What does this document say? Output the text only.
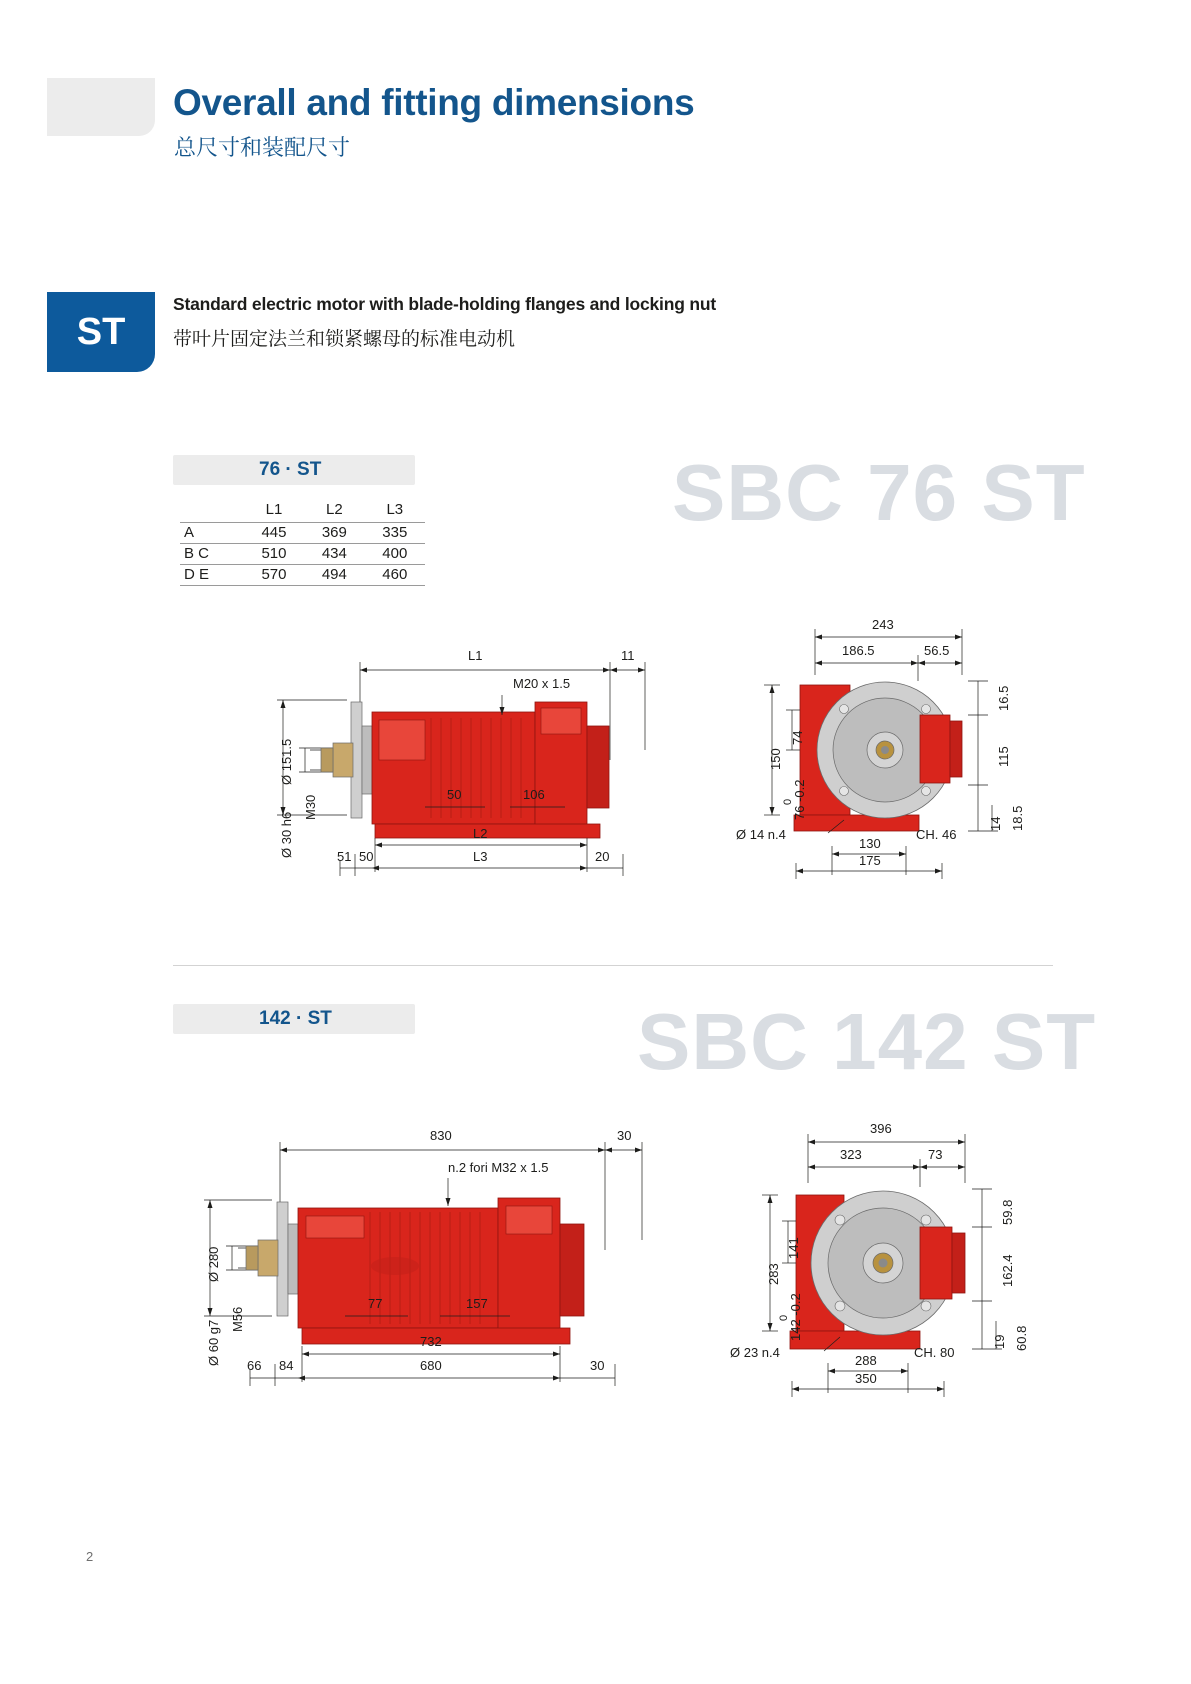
Overall and fitting dimensions
总尺寸和装配尺寸
ST
Standard electric motor with blade-holding flanges and locking nut
带叶片固定法兰和锁紧螺母的标准电动机
76 · ST	SBC 76 ST
	L1	L2	L3
A	445	369	335
B C	510	434	400
D E	570	494	460
L1	11
M20 x 1.5
Ø 151.5
Ø 30 h6
M30
50	106
L2
L3
51 50	20
243
186.5	56.5
16.5
115
18.5
14
150
74
0
76 -0.2
Ø 14 n.4	CH. 46
130
175
142 · ST	SBC 142 ST
830	30
n.2 fori M32 x 1.5
Ø 280
Ø 60 g7
M56
77	157
732
680
66 84	30
396
323	73
59.8
162.4
60.8
19
283
141
0
142 -0.2
Ø 23 n.4	CH. 80
288
350
2
